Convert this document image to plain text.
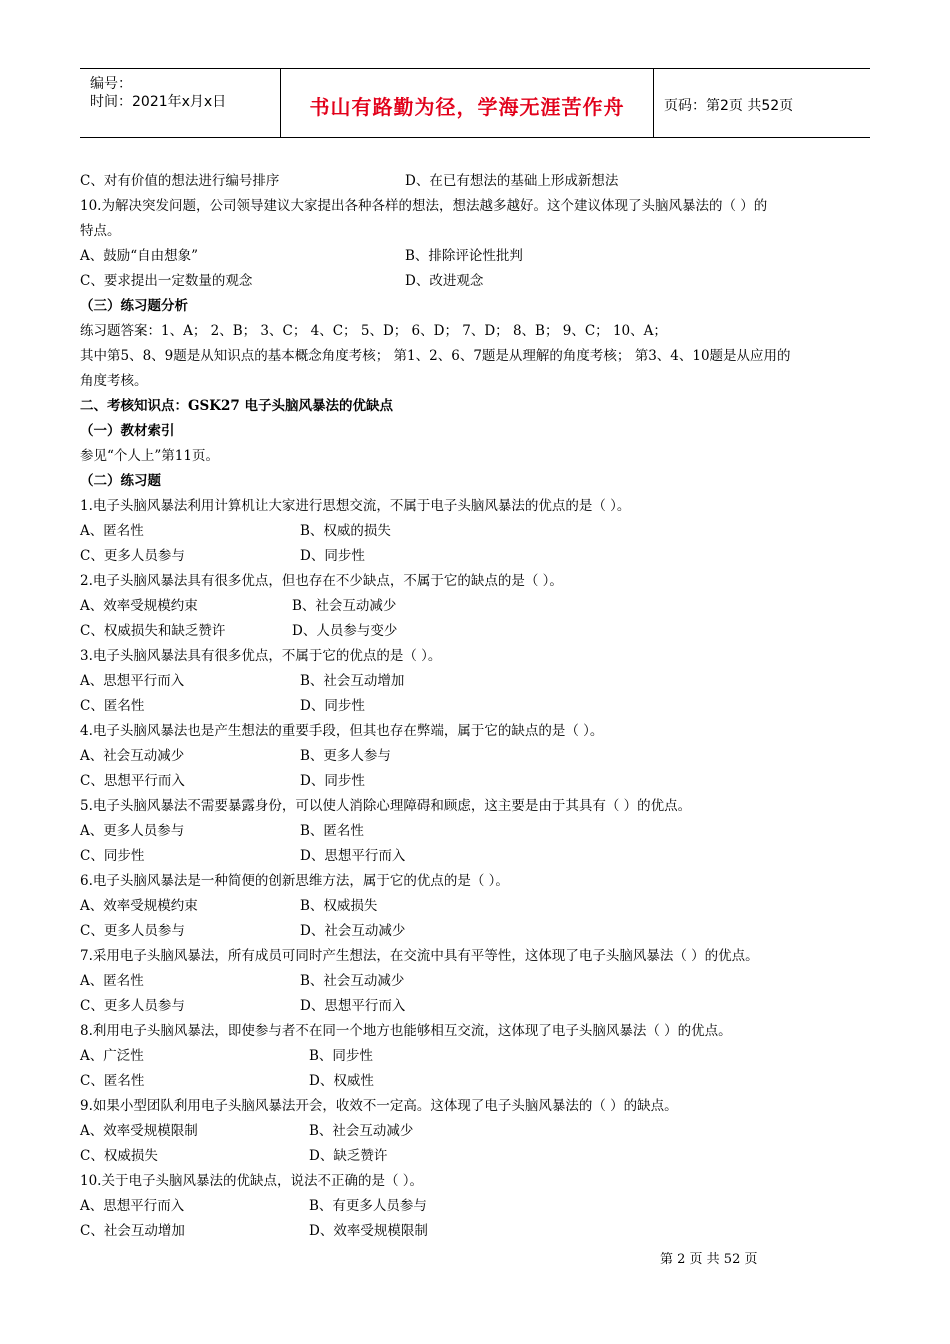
编号：
时间：2021年x月x日	书山有路勤为径，学海无涯苦作舟	页码：第2页 共52页
C、对有价值的想法进行编号排序	D、在已有想法的基础上形成新想法
10.为解决突发问题，公司领导建议大家提出各种各样的想法，想法越多越好。这个建议体现了头脑风暴法的（ ）的
特点。
A、鼓励“自由想象”	B、排除评论性批判
C、要求提出一定数量的观念	D、改进观念
（三）练习题分析
练习题答案：1、A； 2、B； 3、C； 4、C； 5、D； 6、D； 7、D； 8、B； 9、C； 10、A；
其中第5、8、9题是从知识点的基本概念角度考核； 第1、2、6、7题是从理解的角度考核； 第3、4、10题是从应用的
角度考核。
二、考核知识点：GSK27 电子头脑风暴法的优缺点
（一）教材索引
参见“个人上”第11页。
（二）练习题
1.电子头脑风暴法利用计算机让大家进行思想交流，不属于电子头脑风暴法的优点的是（ ）。
A、匿名性	B、权威的损失
C、更多人员参与	D、同步性
2.电子头脑风暴法具有很多优点，但也存在不少缺点，不属于它的缺点的是（ ）。
A、效率受规模约束	B、社会互动减少
C、权威损失和缺乏赞许	D、人员参与变少
3.电子头脑风暴法具有很多优点，不属于它的优点的是（ ）。
A、思想平行而入	B、社会互动增加
C、匿名性	D、同步性
4.电子头脑风暴法也是产生想法的重要手段，但其也存在弊端，属于它的缺点的是（ ）。
A、社会互动减少	B、更多人参与
C、思想平行而入	D、同步性
5.电子头脑风暴法不需要暴露身份，可以使人消除心理障碍和顾虑，这主要是由于其具有（ ）的优点。
A、更多人员参与	B、匿名性
C、同步性	D、思想平行而入
6.电子头脑风暴法是一种简便的创新思维方法，属于它的优点的是（ ）。
A、效率受规模约束	B、权威损失
C、更多人员参与	D、社会互动减少
7.采用电子头脑风暴法，所有成员可同时产生想法，在交流中具有平等性，这体现了电子头脑风暴法（ ）的优点。
A、匿名性	B、社会互动减少
C、更多人员参与	D、思想平行而入
8.利用电子头脑风暴法，即使参与者不在同一个地方也能够相互交流，这体现了电子头脑风暴法（ ）的优点。
A、广泛性	B、同步性
C、匿名性	D、权威性
9.如果小型团队利用电子头脑风暴法开会，收效不一定高。这体现了电子头脑风暴法的（ ）的缺点。
A、效率受规模限制	B、社会互动减少
C、权威损失	D、缺乏赞许
10.关于电子头脑风暴法的优缺点，说法不正确的是（ ）。
A、思想平行而入	B、有更多人员参与
C、社会互动增加	D、效率受规模限制
第 2 页 共 52 页
